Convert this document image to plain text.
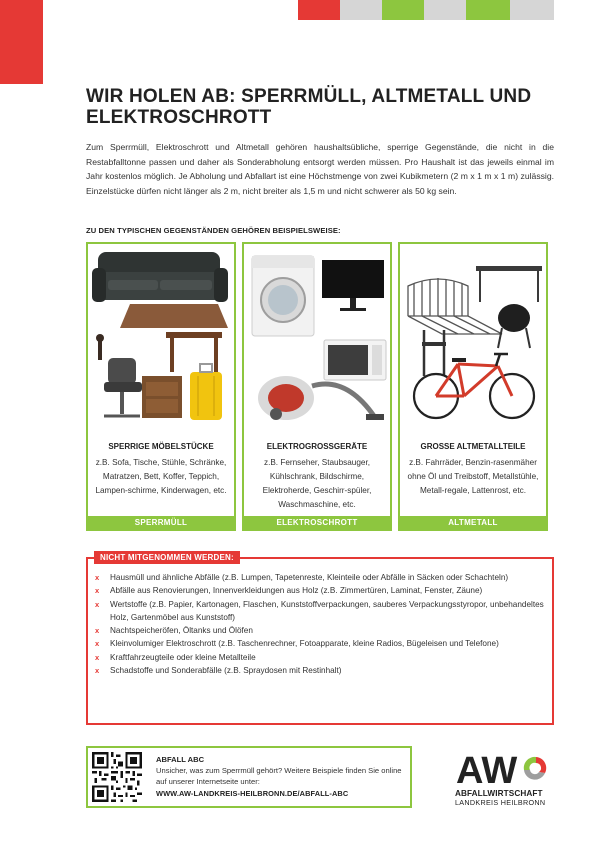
WIR HOLEN AB: SPERRMÜLL, ALTMETALL UND ELEKTROSCHROTT

Zum Sperrmüll, Elektroschrott und Altmetall gehören haushaltsübliche, sperrige Gegenstände, die nicht in die Restabfalltonne passen und daher als Sonderabholung entsorgt werden müssen. Pro Haushalt ist das jeweils einmal im Jahr kostenlos möglich. Je Abholung und Abfallart ist eine Höchstmenge von zwei Kubikmetern (2 m x 1 m x 1 m) zulässig. Einzelstücke dürfen nicht länger als 2 m, nicht breiter als 1,5 m und nicht schwerer als 50 kg sein.

ZU DEN TYPISCHEN GEGENSTÄNDEN GEHÖREN BEISPIELSWEISE:
SPERRIGE MÖBELSTÜCKE
z.B. Sofa, Tische, Stühle, Schränke, Matratzen, Bett, Koffer, Teppich, Lampen-schirme, Kinderwagen, etc.
SPERRMÜLL
ELEKTROGROSSGERÄTE
z.B. Fernseher, Staubsauger, Kühlschrank, Bildschirme, Elektroherde, Geschirr-spüler, Waschmaschine, etc.
ELEKTROSCHROTT
GROSSE ALTMETALLTEILE
z.B. Fahrräder, Benzin-rasenmäher ohne Öl und Treibstoff, Metallstühle, Metall-regale, Lattenrost, etc.
ALTMETALL
NICHT MITGENOMMEN WERDEN:
x Hausmüll und ähnliche Abfälle (z.B. Lumpen, Tapetenreste, Kleinteile oder Abfälle in Säcken oder Schachteln)
x Abfälle aus Renovierungen, Innenverkleidungen aus Holz (z.B. Zimmertüren, Laminat, Fenster, Zäune)
x Wertstoffe (z.B. Papier, Kartonagen, Flaschen, Kunststoffverpackungen, sauberes Verpackungsstyropor, unbehandeltes Holz, Gartenmöbel aus Kunststoff)
x Nachtspeicheröfen, Öltanks und Ölöfen
x Kleinvolumiger Elektroschrott (z.B. Taschenrechner, Fotoapparate, kleine Radios, Bügeleisen und Telefone)
x Kraftfahrzeugteile oder kleine Metallteile
x Schadstoffe und Sonderabfälle (z.B. Spraydosen mit Restinhalt)
ABFALL ABC
Unsicher, was zum Sperrmüll gehört? Weitere Beispiele finden Sie online auf unserer Internetseite unter:
WWW.AW-LANDKREIS-HEILBRONN.DE/ABFALL-ABC
AW
ABFALLWIRTSCHAFT
LANDKREIS HEILBRONN
